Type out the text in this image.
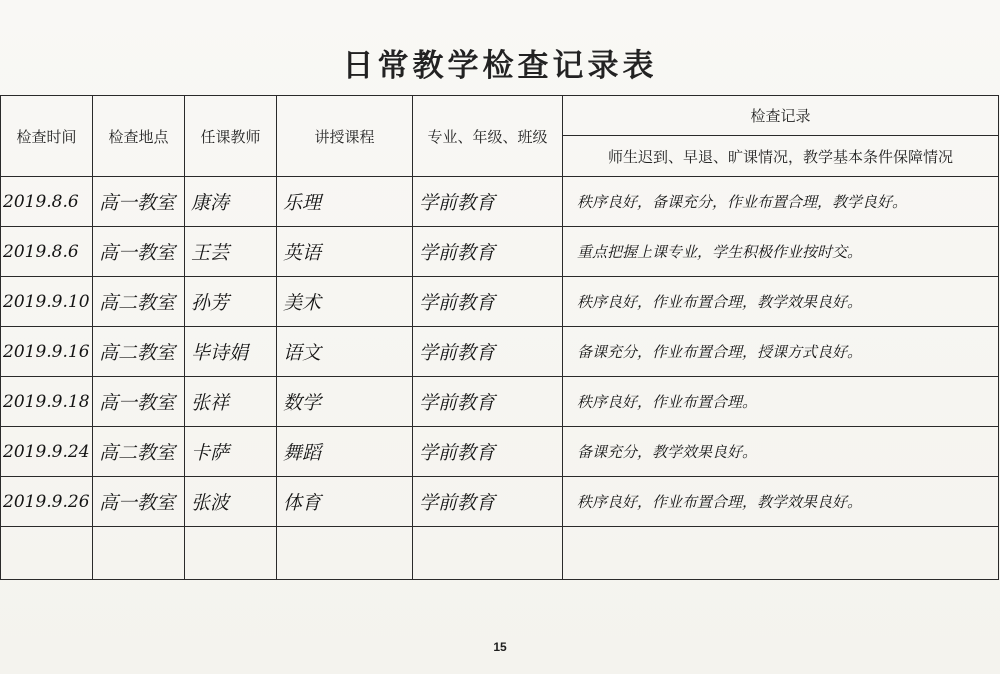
日常教学检查记录表
检查时间	检查地点	任课教师	讲授课程	专业、年级、班级	检查记录
					师生迟到、早退、旷课情况，教学基本条件保障情况
2019.8.6	高一教室	康涛	乐理	学前教育	秩序良好，备课充分，作业布置合理，教学良好。
2019.8.6	高一教室	王芸	英语	学前教育	重点把握上课专业，学生积极作业按时交。
2019.9.10	高二教室	孙芳	美术	学前教育	秩序良好，作业布置合理，教学效果良好。
2019.9.16	高二教室	毕诗娟	语文	学前教育	备课充分，作业布置合理，授课方式良好。
2019.9.18	高一教室	张祥	数学	学前教育	秩序良好，作业布置合理。
2019.9.24	高二教室	卡萨	舞蹈	学前教育	备课充分，教学效果良好。
2019.9.26	高一教室	张波	体育	学前教育	秩序良好，作业布置合理，教学效果良好。

15
